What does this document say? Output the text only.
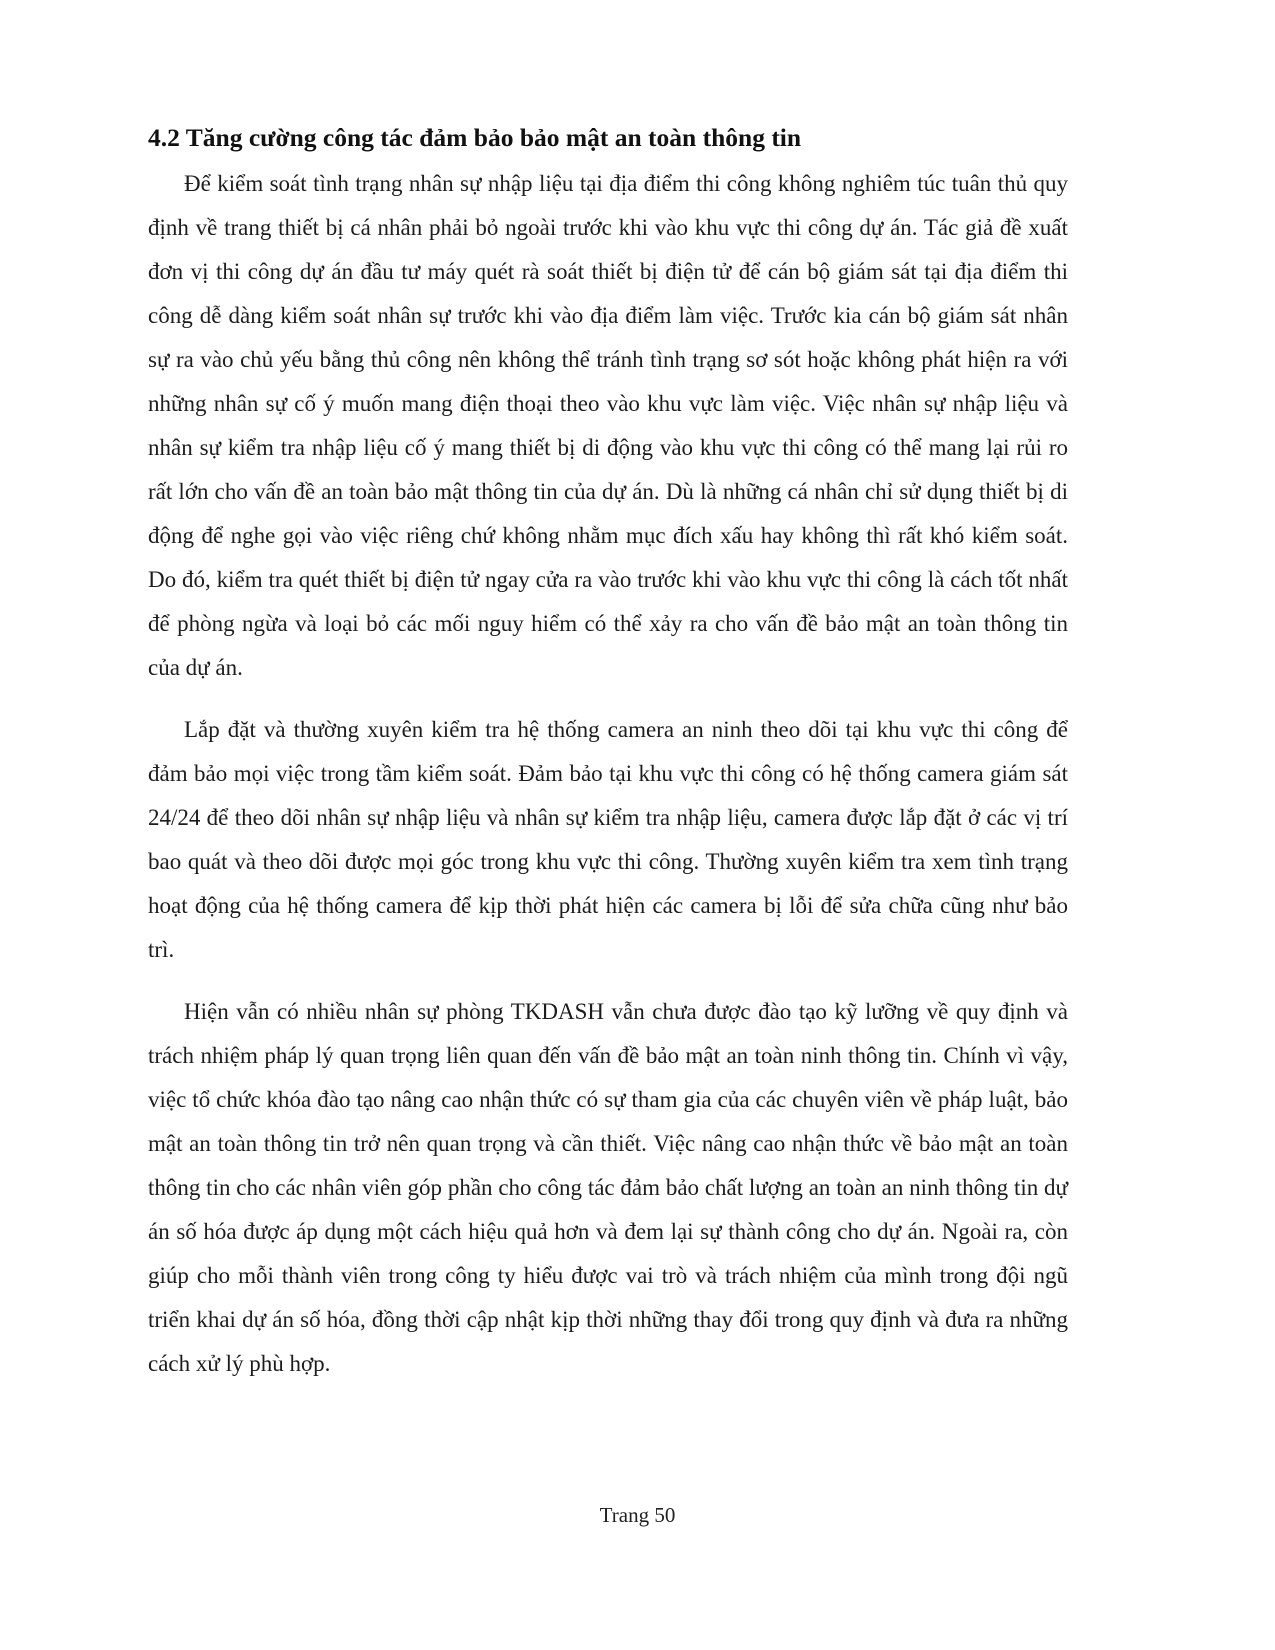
4.2 Tăng cường công tác đảm bảo bảo mật an toàn thông tin

Để kiểm soát tình trạng nhân sự nhập liệu tại địa điểm thi công không nghiêm túc tuân thủ quy định về trang thiết bị cá nhân phải bỏ ngoài trước khi vào khu vực thi công dự án. Tác giả đề xuất đơn vị thi công dự án đầu tư máy quét rà soát thiết bị điện tử để cán bộ giám sát tại địa điểm thi công dễ dàng kiểm soát nhân sự trước khi vào địa điểm làm việc. Trước kia cán bộ giám sát nhân sự ra vào chủ yếu bằng thủ công nên không thể tránh tình trạng sơ sót hoặc không phát hiện ra với những nhân sự cố ý muốn mang điện thoại theo vào khu vực làm việc. Việc nhân sự nhập liệu và nhân sự kiểm tra nhập liệu cố ý mang thiết bị di động vào khu vực thi công có thể mang lại rủi ro rất lớn cho vấn đề an toàn bảo mật thông tin của dự án. Dù là những cá nhân chỉ sử dụng thiết bị di động để nghe gọi vào việc riêng chứ không nhằm mục đích xấu hay không thì rất khó kiểm soát. Do đó, kiểm tra quét thiết bị điện tử ngay cửa ra vào trước khi vào khu vực thi công là cách tốt nhất để phòng ngừa và loại bỏ các mối nguy hiểm có thể xảy ra cho vấn đề bảo mật an toàn thông tin của dự án.

Lắp đặt và thường xuyên kiểm tra hệ thống camera an ninh theo dõi tại khu vực thi công để đảm bảo mọi việc trong tầm kiểm soát. Đảm bảo tại khu vực thi công có hệ thống camera giám sát 24/24 để theo dõi nhân sự nhập liệu và nhân sự kiểm tra nhập liệu, camera được lắp đặt ở các vị trí bao quát và theo dõi được mọi góc trong khu vực thi công. Thường xuyên kiểm tra xem tình trạng hoạt động của hệ thống camera để kịp thời phát hiện các camera bị lỗi để sửa chữa cũng như bảo trì.

Hiện vẫn có nhiều nhân sự phòng TKDASH vẫn chưa được đào tạo kỹ lưỡng về quy định và trách nhiệm pháp lý quan trọng liên quan đến vấn đề bảo mật an toàn ninh thông tin. Chính vì vậy, việc tổ chức khóa đào tạo nâng cao nhận thức có sự tham gia của các chuyên viên về pháp luật, bảo mật an toàn thông tin trở nên quan trọng và cần thiết. Việc nâng cao nhận thức về bảo mật an toàn thông tin cho các nhân viên góp phần cho công tác đảm bảo chất lượng an toàn an ninh thông tin dự án số hóa được áp dụng một cách hiệu quả hơn và đem lại sự thành công cho dự án. Ngoài ra, còn giúp cho mỗi thành viên trong công ty hiểu được vai trò và trách nhiệm của mình trong đội ngũ triển khai dự án số hóa, đồng thời cập nhật kịp thời những thay đổi trong quy định và đưa ra những cách xử lý phù hợp.

Trang 50
